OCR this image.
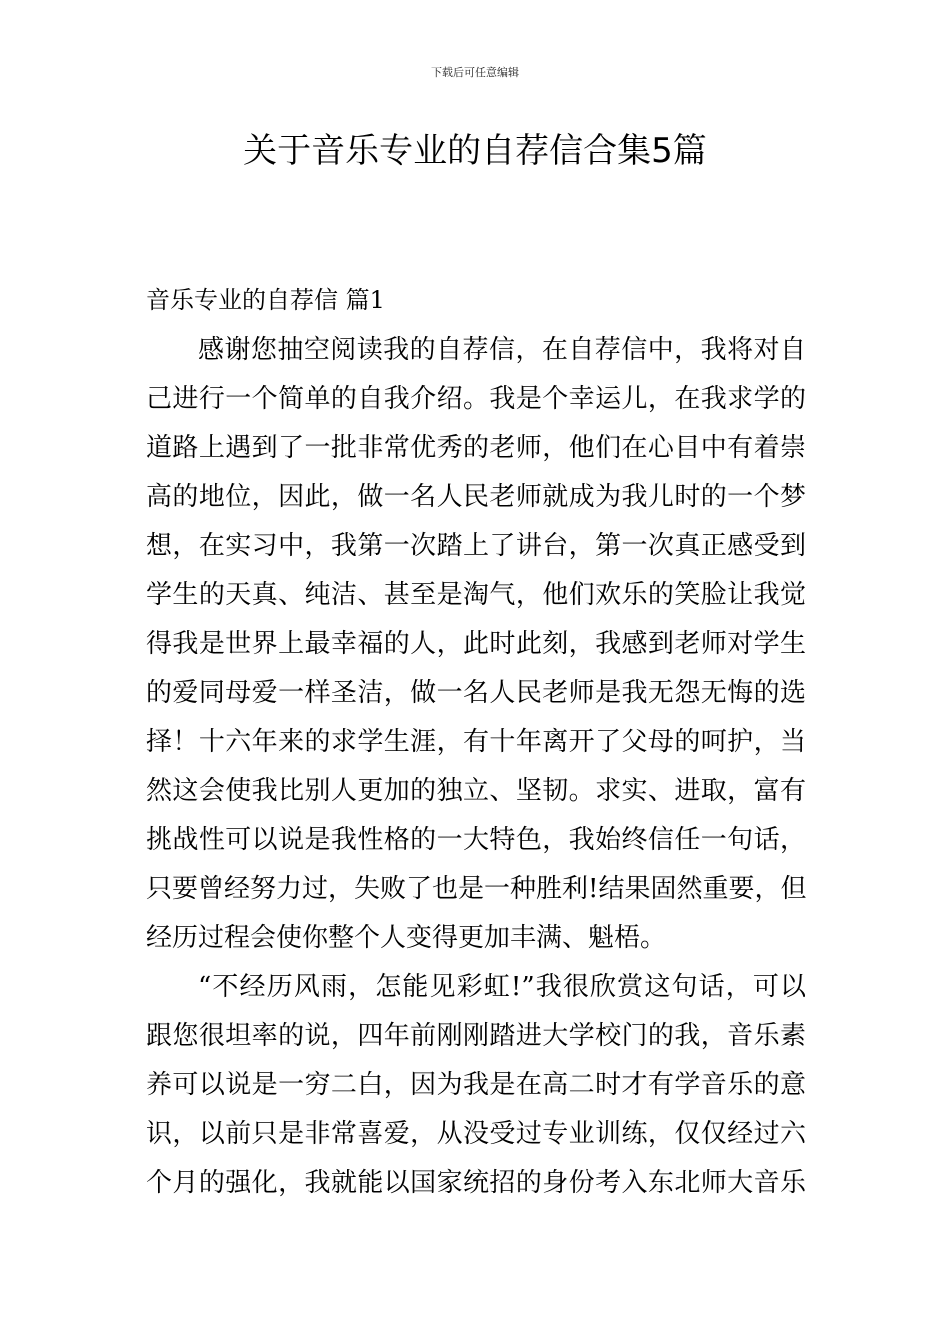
下载后可任意编辑
关于音乐专业的自荐信合集5篇
音乐专业的自荐信 篇1
感谢您抽空阅读我的自荐信，在自荐信中，我将对自
己进行一个简单的自我介绍。我是个幸运儿，在我求学的
道路上遇到了一批非常优秀的老师，他们在心目中有着崇
高的地位，因此，做一名人民老师就成为我儿时的一个梦
想，在实习中，我第一次踏上了讲台，第一次真正感受到
学生的天真、纯洁、甚至是淘气，他们欢乐的笑脸让我觉
得我是世界上最幸福的人，此时此刻，我感到老师对学生
的爱同母爱一样圣洁，做一名人民老师是我无怨无悔的选
择！十六年来的求学生涯，有十年离开了父母的呵护，当
然这会使我比别人更加的独立、坚韧。求实、进取，富有
挑战性可以说是我性格的一大特色，我始终信任一句话，
只要曾经努力过，失败了也是一种胜利!结果固然重要，但
经历过程会使你整个人变得更加丰满、魁梧。
“不经历风雨，怎能见彩虹!”我很欣赏这句话，可以
跟您很坦率的说，四年前刚刚踏进大学校门的我，音乐素
养可以说是一穷二白，因为我是在高二时才有学音乐的意
识，以前只是非常喜爱，从没受过专业训练，仅仅经过六
个月的强化，我就能以国家统招的身份考入东北师大音乐
